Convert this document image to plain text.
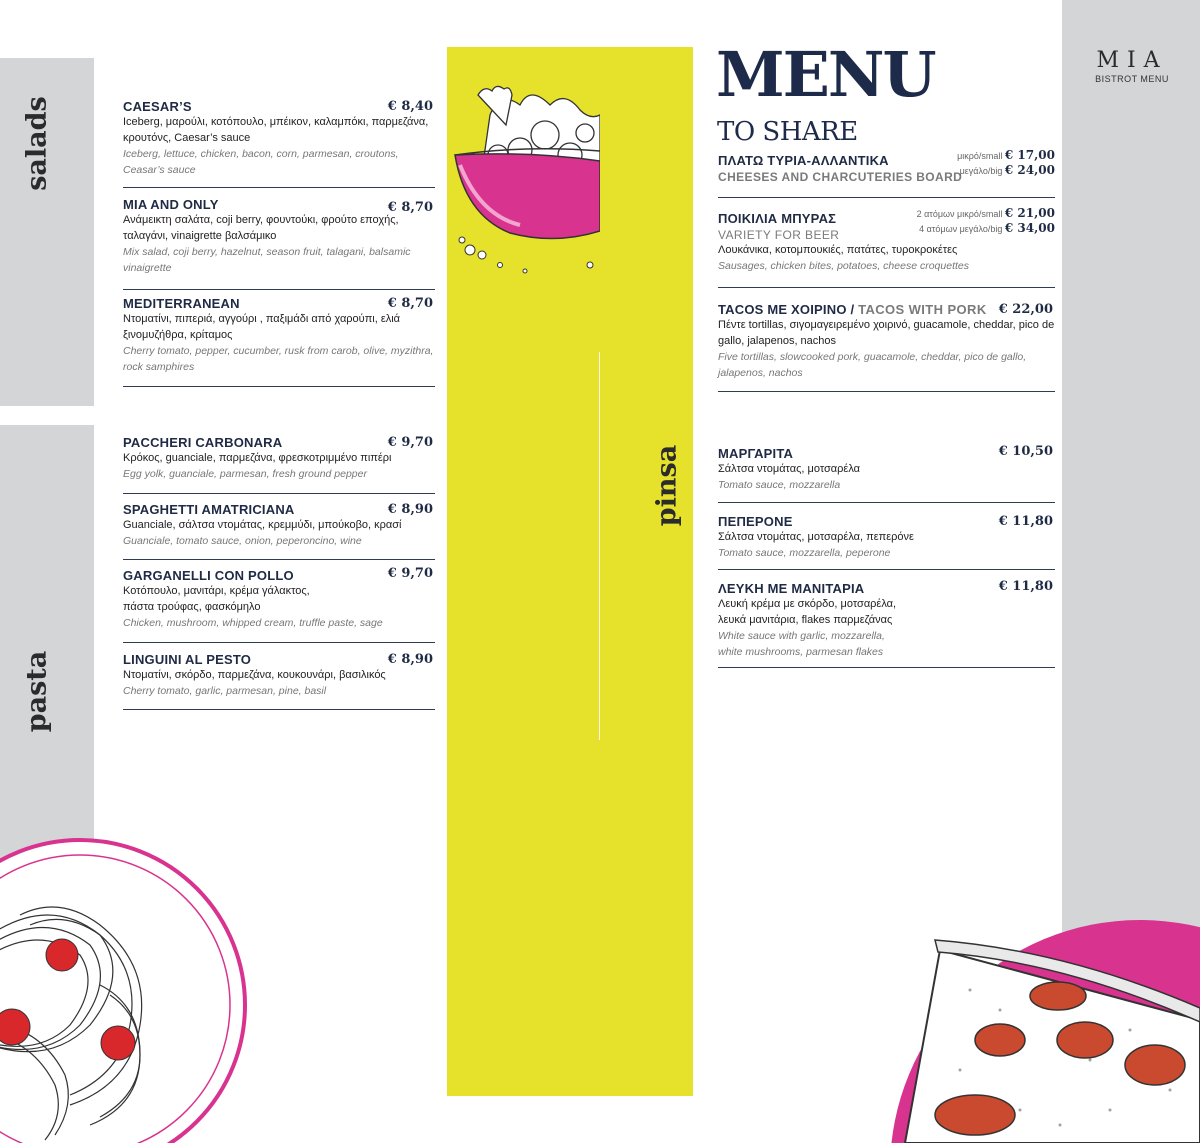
salads
pasta
pinsa
CAESAR’S	€ 8,40
Iceberg, μαρούλι, κοτόπουλο, μπέικον, καλαμπόκι, παρμεζάνα, κρουτόνς, Caesar’s sauce
Iceberg, lettuce, chicken, bacon, corn, parmesan, croutons, Ceasar’s sauce
MIA AND ONLY	€ 8,70
Ανάμεικτη σαλάτα, coji berry, φουντούκι, φρούτο εποχής, ταλαγάνι, vinaigrette βαλσάμικο
Mix salad, coji berry, hazelnut, season fruit, talagani, balsamic vinaigrette
MEDITERRANEAN	€ 8,70
Ντοματίνι, πιπεριά, αγγούρι , παξιμάδι από χαρούπι, ελιά ξινομυζήθρα, κρίταμος
Cherry tomato, pepper, cucumber, rusk from carob, olive, myzithra, rock samphires
PACCHERI CARBONARA	€ 9,70
Κρόκος, guanciale, παρμεζάνα, φρεσκοτριμμένο πιπέρι
Egg yolk, guanciale, parmesan, fresh ground pepper
SPAGHETTI AMATRICIANA	€ 8,90
Guanciale, σάλτσα ντομάτας, κρεμμύδι, μπούκοβο, κρασί
Guanciale, tomato sauce, onion, peperoncino, wine
GARGANELLI CON POLLO	€ 9,70
Κοτόπουλο, μανιτάρι, κρέμα γάλακτος, πάστα τρούφας, φασκόμηλο
Chicken, mushroom, whipped cream, truffle paste, sage
LINGUINI AL PESTO	€ 8,90
Ντοματίνι, σκόρδο, παρμεζάνα, κουκουνάρι, βασιλικός
Cherry tomato, garlic, parmesan, pine, basil
MENU
TO SHARE
MIA
BISTROT MENU
ΠΛΑΤΩ ΤΥΡΙΑ-ΑΛΛΑΝΤΙΚΑ
CHEESES AND CHARCUTERIES BOARD
μικρό/small € 17,00
μεγάλο/big € 24,00
ΠΟΙΚΙΛΙΑ ΜΠΥΡΑΣ
VARIETY FOR BEER
Λουκάνικα, κοτομπουκιές, πατάτες, τυροκροκέτες
Sausages, chicken bites, potatoes, cheese croquettes
2 ατόμων μικρό/small € 21,00
4 ατόμων μεγάλο/big € 34,00
TACOS ΜΕ ΧΟΙΡΙΝΟ / TACOS WITH PORK € 22,00
Πέντε tortillas, σιγομαγειρεμένο χοιρινό, guacamole, cheddar, pico de gallo, jalapenos, nachos
Five tortillas, slowcooked pork, guacamole, cheddar, pico de gallo, jalapenos, nachos
ΜΑΡΓΑΡΙΤΑ	€ 10,50
Σάλτσα ντομάτας, μοτσαρέλα
Tomato sauce, mozzarella
ΠΕΠΕΡΟΝΕ	€ 11,80
Σάλτσα ντομάτας, μοτσαρέλα, πεπερόνε
Tomato sauce, mozzarella, peperone
ΛΕΥΚΗ ΜΕ ΜΑΝΙΤΑΡΙΑ	€ 11,80
Λευκή κρέμα με σκόρδο, μοτσαρέλα, λευκά μανιτάρια, flakes παρμεζάνας
White sauce with garlic, mozzarella, white mushrooms, parmesan flakes
